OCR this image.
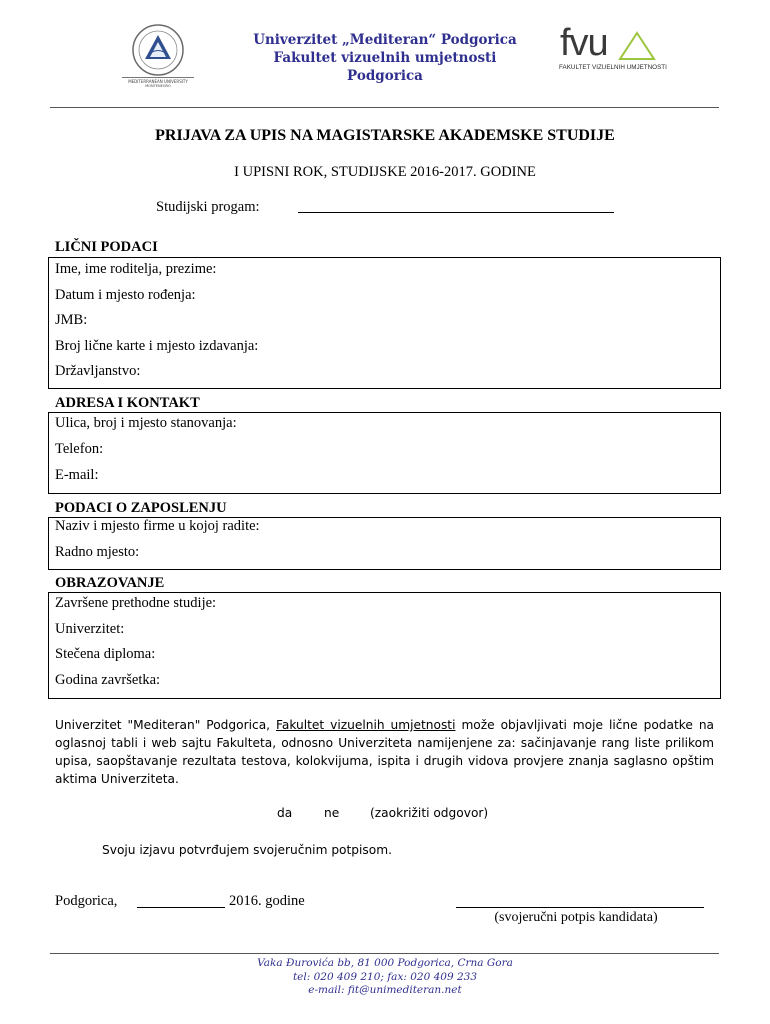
MEDITERRANEAN UNIVERSITY
MONTENEGRO
Univerzitet „Mediteran“ Podgorica
Fakultet vizuelnih umjetnosti
Podgorica
fvu
FAKULTET VIZUELNIH UMJETNOSTI
PRIJAVA ZA UPIS NA MAGISTARSKE AKADEMSKE STUDIJE
I UPISNI ROK, STUDIJSKE 2016-2017. GODINE
Studijski progam:
LIČNI PODACI
Ime, ime roditelja, prezime:
Datum i mjesto rođenja:
JMB:
Broj lične karte i mjesto izdavanja:
Državljanstvo:
ADRESA I KONTAKT
Ulica, broj i mjesto stanovanja:
Telefon:
E-mail:
PODACI O ZAPOSLENJU
Naziv i mjesto firme u kojoj radite:
Radno mjesto:
OBRAZOVANJE
Završene prethodne studije:
Univerzitet:
Stečena diploma:
Godina završetka:
Univerzitet "Mediteran" Podgorica, Fakultet vizuelnih umjetnosti može objavljivati moje lične podatke na oglasnoj tabli i web sajtu Fakulteta, odnosno Univerziteta namijenjene za: sačinjavanje rang liste prilikom upisa, saopštavanje rezultata testova, kolokvijuma, ispita i drugih vidova provjere znanja saglasno opštim aktima Univerziteta.
da	ne	(zaokrižiti odgovor)
Svoju izjavu potvrđujem svojeručnim potpisom.
Podgorica,	2016. godine
(svojeručni potpis kandidata)
Vaka Đurovića bb, 81 000 Podgorica, Crna Gora
tel: 020 409 210; fax: 020 409 233
e-mail: fit@unimediteran.net
